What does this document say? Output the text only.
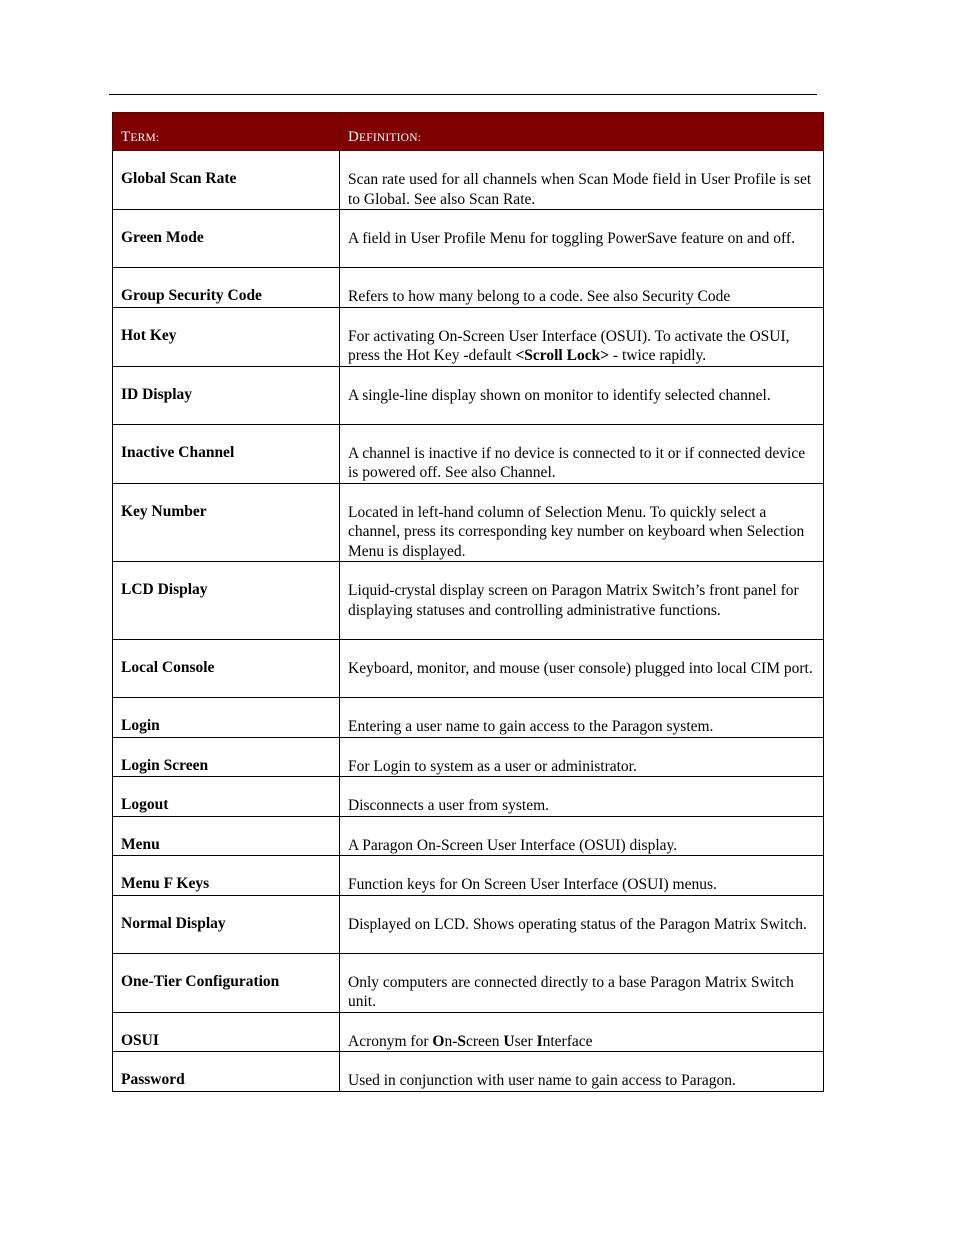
TERM:	DEFINITION:
Global Scan Rate	Scan rate used for all channels when Scan Mode field in User Profile is set to Global. See also Scan Rate.
Green Mode	A field in User Profile Menu for toggling PowerSave feature on and off.
Group Security Code	Refers to how many belong to a code. See also Security Code
Hot Key	For activating On-Screen User Interface (OSUI). To activate the OSUI, press the Hot Key -default <Scroll Lock> - twice rapidly.
ID Display	A single-line display shown on monitor to identify selected channel.
Inactive Channel	A channel is inactive if no device is connected to it or if connected device is powered off. See also Channel.
Key Number	Located in left-hand column of Selection Menu. To quickly select a channel, press its corresponding key number on keyboard when Selection Menu is displayed.
LCD Display	Liquid-crystal display screen on Paragon Matrix Switch’s front panel for displaying statuses and controlling administrative functions.
Local Console	Keyboard, monitor, and mouse (user console) plugged into local CIM port.
Login	Entering a user name to gain access to the Paragon system.
Login Screen	For Login to system as a user or administrator.
Logout	Disconnects a user from system.
Menu	A Paragon On-Screen User Interface (OSUI) display.
Menu F Keys	Function keys for On Screen User Interface (OSUI) menus.
Normal Display	Displayed on LCD. Shows operating status of the Paragon Matrix Switch.
One-Tier Configuration	Only computers are connected directly to a base Paragon Matrix Switch unit.
OSUI	Acronym for On-Screen User Interface
Password	Used in conjunction with user name to gain access to Paragon.
